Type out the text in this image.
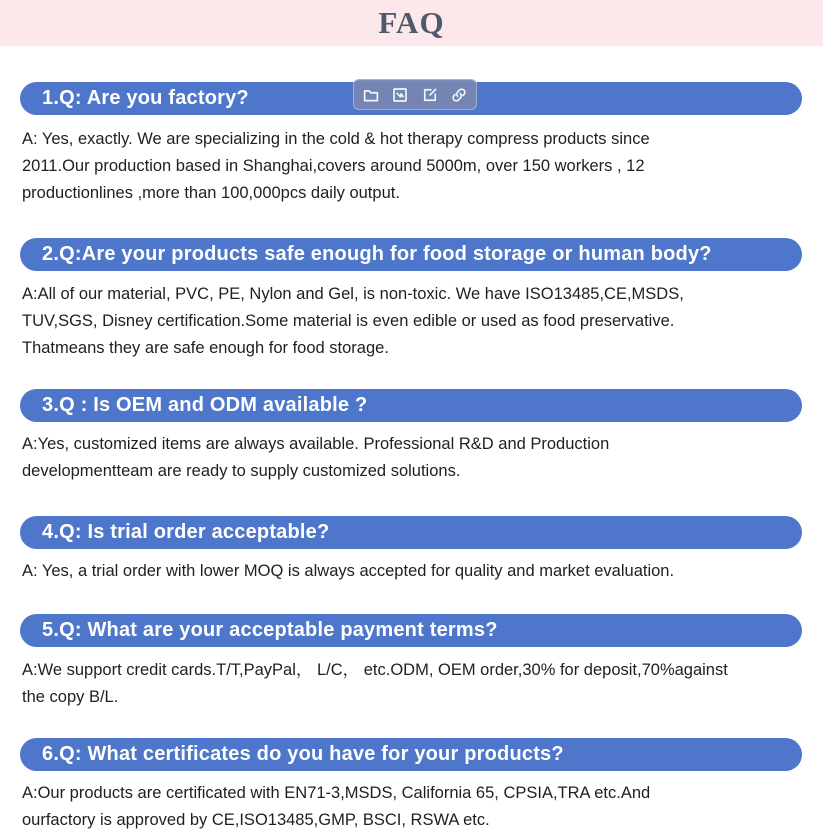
FAQ
1.Q: Are you factory?

A: Yes, exactly. We are specializing in the cold & hot therapy compress products since
2011.Our production based in Shanghai,covers around 5000m, over 150 workers , 12
productionlines ,more than 100,000pcs daily output.

2.Q:Are your products safe enough for food storage or human body?

A:All of our material, PVC, PE, Nylon and Gel, is non-toxic. We have ISO13485,CE,MSDS,
TUV,SGS, Disney certification.Some material is even edible or used as food preservative.
Thatmeans they are safe enough for food storage.

3.Q : Is OEM and ODM available ?

A:Yes, customized items are always available. Professional R&D and Production
developmentteam are ready to supply customized solutions.

4.Q: Is trial order acceptable?

A: Yes, a trial order with lower MOQ is always accepted for quality and market evaluation.

5.Q: What are your acceptable payment terms?

A:We support credit cards.T/T,PayPal， L/C， etc.ODM, OEM order,30% for deposit,70%against
the copy B/L.

6.Q: What certificates do you have for your products?

A:Our products are certificated with EN71-3,MSDS, California 65, CPSIA,TRA etc.And
ourfactory is approved by CE,ISO13485,GMP, BSCI, RSWA etc.
